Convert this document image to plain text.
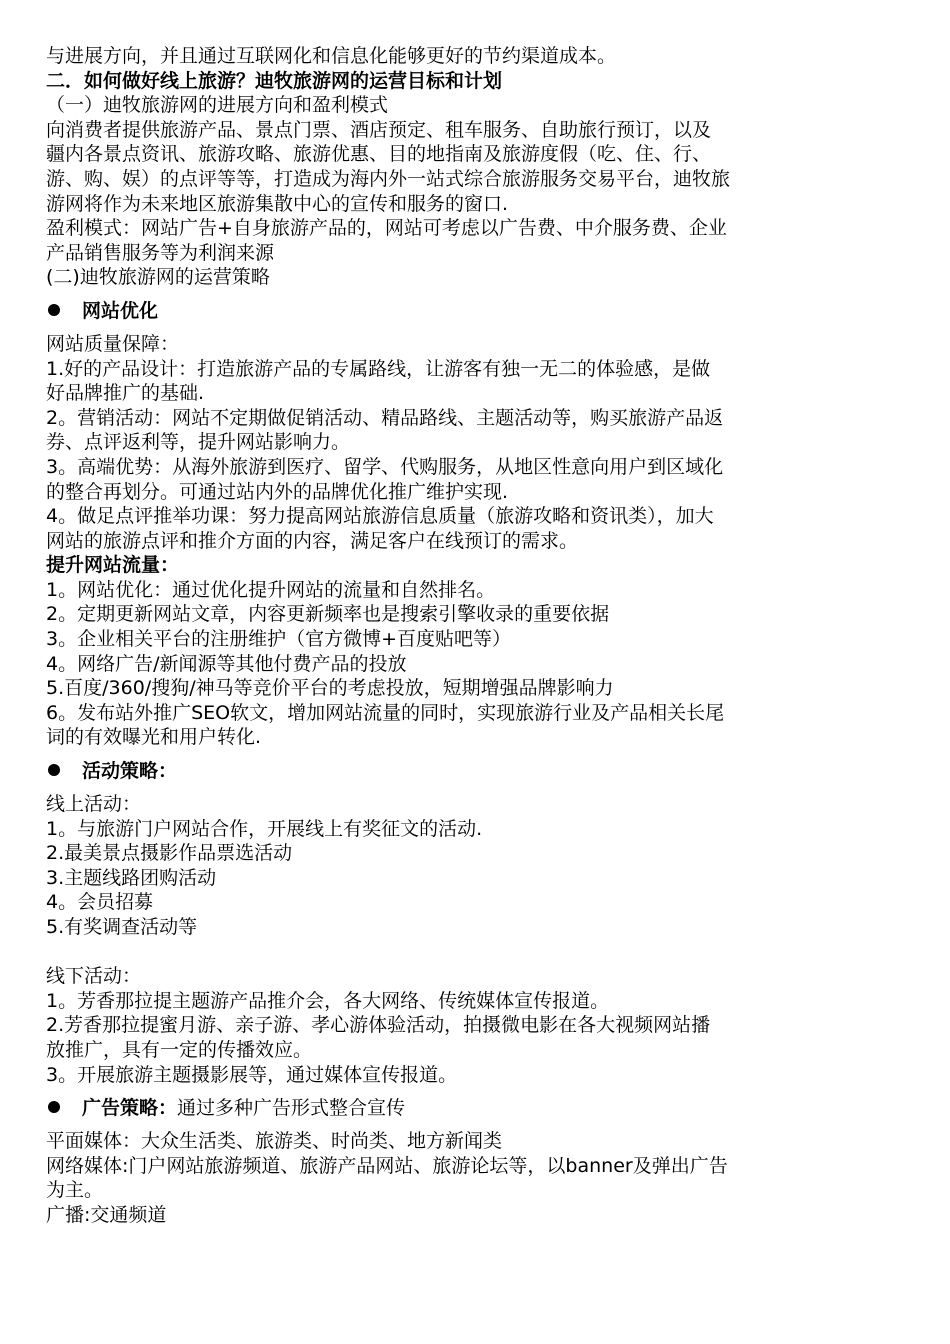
与进展方向，并且通过互联网化和信息化能够更好的节约渠道成本。
二．如何做好线上旅游？迪牧旅游网的运营目标和计划
（一）迪牧旅游网的进展方向和盈利模式
向消费者提供旅游产品、景点门票、酒店预定、租车服务、自助旅行预订，以及
疆内各景点资讯、旅游攻略、旅游优惠、目的地指南及旅游度假（吃、住、行、
游、购、娱）的点评等等，打造成为海内外一站式综合旅游服务交易平台，迪牧旅
游网将作为未来地区旅游集散中心的宣传和服务的窗口.
盈利模式：网站广告+自身旅游产品的，网站可考虑以广告费、中介服务费、企业
产品销售服务等为利润来源
(二)迪牧旅游网的运营策略
网站优化
网站质量保障：
1.好的产品设计：打造旅游产品的专属路线，让游客有独一无二的体验感，是做
好品牌推广的基础.
2。营销活动：网站不定期做促销活动、精品路线、主题活动等，购买旅游产品返
券、点评返利等，提升网站影响力。
3。高端优势：从海外旅游到医疗、留学、代购服务，从地区性意向用户到区域化
的整合再划分。可通过站内外的品牌优化推广维护实现.
4。做足点评推举功课：努力提高网站旅游信息质量（旅游攻略和资讯类），加大
网站的旅游点评和推介方面的内容，满足客户在线预订的需求。
提升网站流量：
1。网站优化：通过优化提升网站的流量和自然排名。
2。定期更新网站文章，内容更新频率也是搜索引擎收录的重要依据
3。企业相关平台的注册维护（官方微博+百度贴吧等）
4。网络广告/新闻源等其他付费产品的投放
5.百度/360/搜狗/神马等竞价平台的考虑投放，短期增强品牌影响力
6。发布站外推广SEO软文，增加网站流量的同时，实现旅游行业及产品相关长尾
词的有效曝光和用户转化.
活动策略：
线上活动：
1。与旅游门户网站合作，开展线上有奖征文的活动.
2.最美景点摄影作品票选活动
3.主题线路团购活动
4。会员招募
5.有奖调查活动等
线下活动：
1。芳香那拉提主题游产品推介会，各大网络、传统媒体宣传报道。
2.芳香那拉提蜜月游、亲子游、孝心游体验活动，拍摄微电影在各大视频网站播
放推广，具有一定的传播效应。
3。开展旅游主题摄影展等，通过媒体宣传报道。
广告策略：通过多种广告形式整合宣传
平面媒体：大众生活类、旅游类、时尚类、地方新闻类
网络媒体:门户网站旅游频道、旅游产品网站、旅游论坛等，以banner及弹出广告
为主。
广播:交通频道
